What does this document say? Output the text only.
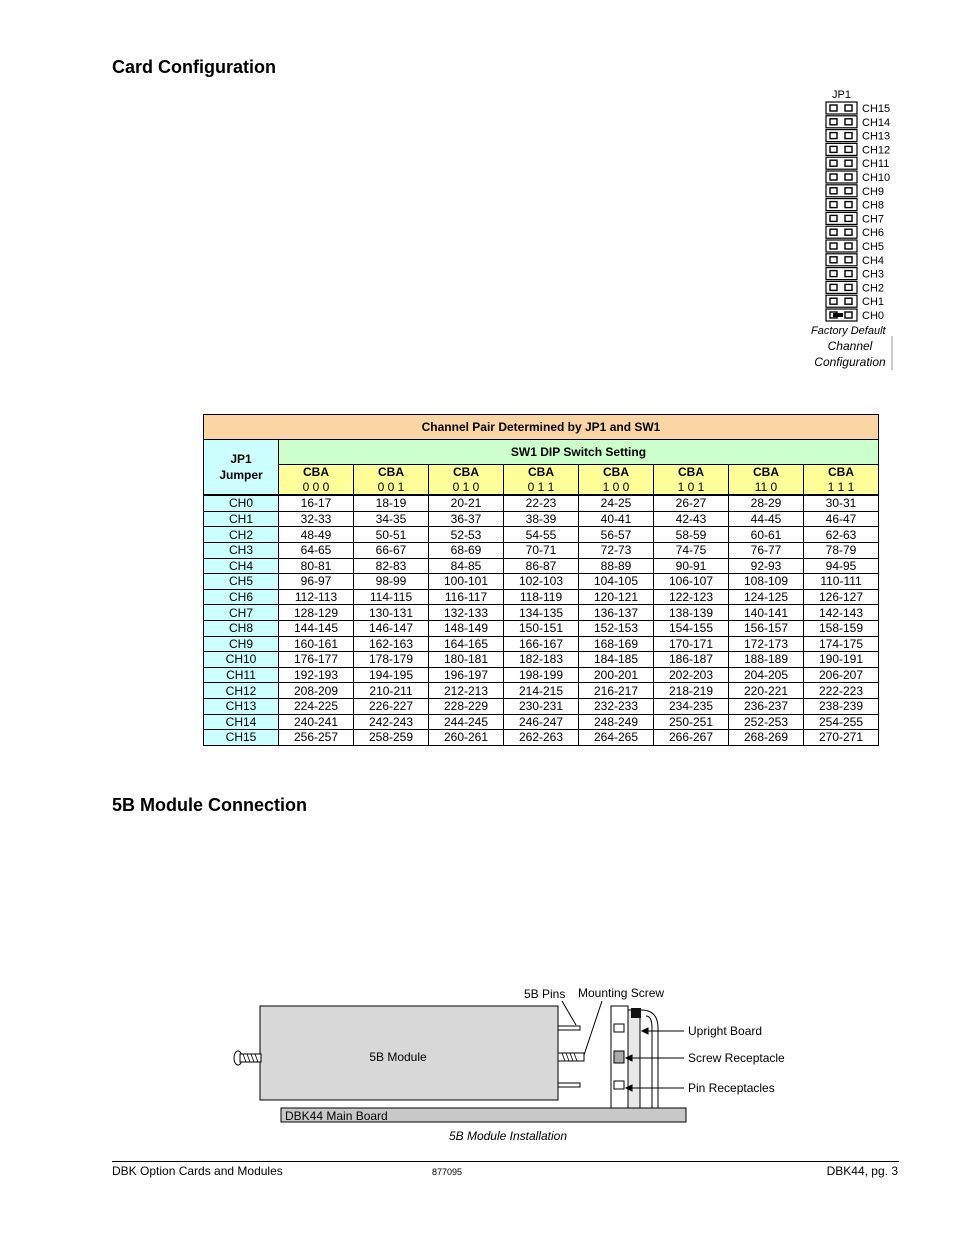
Card Configuration
JP1
CH15
CH14
CH13
CH12
CH11
CH10
CH9
CH8
CH7
CH6
CH5
CH4
CH3
CH2
CH1
CH0
Factory Default
Channel
Configuration
Channel Pair Determined by JP1 and SW1								
JP1
Jumper	SW1 DIP Switch Setting							
	CBA	CBA	CBA	CBA	CBA	CBA	CBA	CBA
	0 0 0	0 0 1	0 1 0	0 1 1	1 0 0	1 0 1	11 0	1 1 1
CH0	16-17	18-19	20-21	22-23	24-25	26-27	28-29	30-31
CH1	32-33	34-35	36-37	38-39	40-41	42-43	44-45	46-47
CH2	48-49	50-51	52-53	54-55	56-57	58-59	60-61	62-63
CH3	64-65	66-67	68-69	70-71	72-73	74-75	76-77	78-79
CH4	80-81	82-83	84-85	86-87	88-89	90-91	92-93	94-95
CH5	96-97	98-99	100-101	102-103	104-105	106-107	108-109	110-111
CH6	112-113	114-115	116-117	118-119	120-121	122-123	124-125	126-127
CH7	128-129	130-131	132-133	134-135	136-137	138-139	140-141	142-143
CH8	144-145	146-147	148-149	150-151	152-153	154-155	156-157	158-159
CH9	160-161	162-163	164-165	166-167	168-169	170-171	172-173	174-175
CH10	176-177	178-179	180-181	182-183	184-185	186-187	188-189	190-191
CH11	192-193	194-195	196-197	198-199	200-201	202-203	204-205	206-207
CH12	208-209	210-211	212-213	214-215	216-217	218-219	220-221	222-223
CH13	224-225	226-227	228-229	230-231	232-233	234-235	236-237	238-239
CH14	240-241	242-243	244-245	246-247	248-249	250-251	252-253	254-255
CH15	256-257	258-259	260-261	262-263	264-265	266-267	268-269	270-271
5B Module Connection
DBK44 Main Board
5B Module
5B Pins Mounting Screw
Upright Board
Screw Receptacle
Pin Receptacles
5B Module Installation
DBK Option Cards and Modules	877095	DBK44, pg. 3
